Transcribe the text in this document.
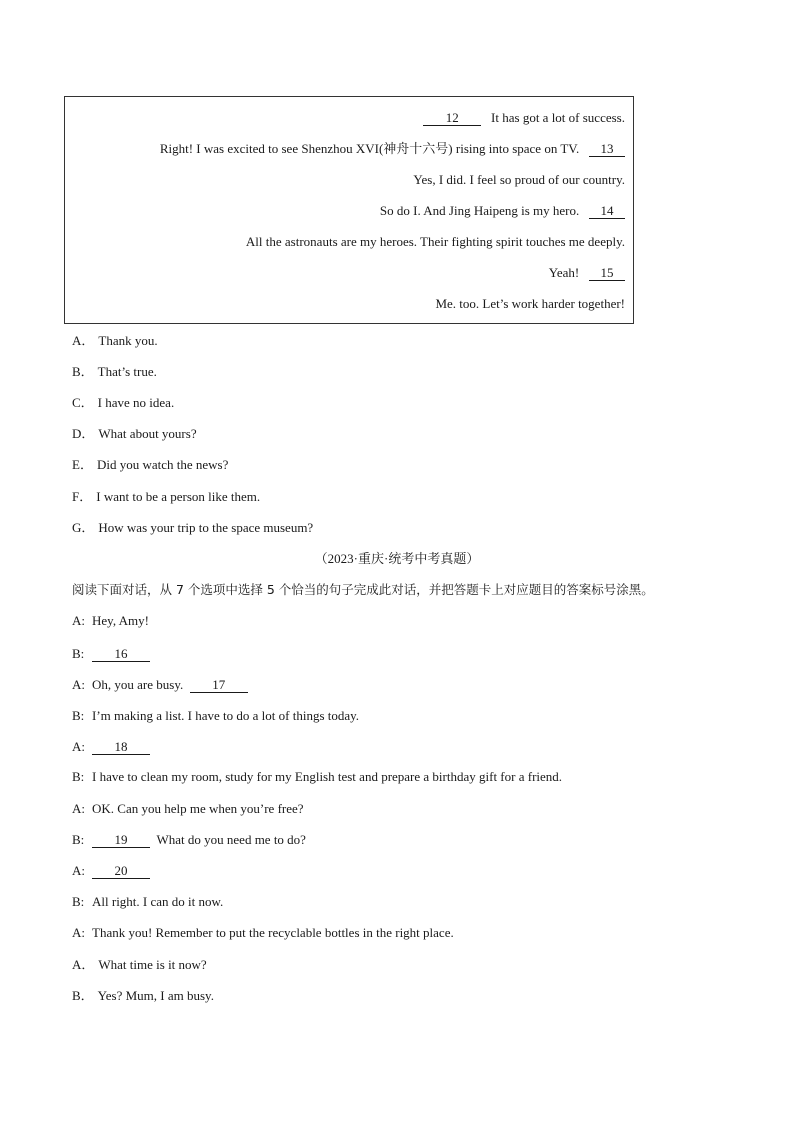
12 It has got a lot of success.
Right! I was excited to see Shenzhou XVI(神舟十六号) rising into space on TV. 13
Yes, I did. I feel so proud of our country.
So do I. And Jing Haipeng is my hero. 14
All the astronauts are my heroes. Their fighting spirit touches me deeply.
Yeah! 15
Me. too. Let’s work harder together!
A． Thank you.
B． That’s true.
C． I have no idea.
D． What about yours?
E． Did you watch the news?
F． I want to be a person like them.
G． How was your trip to the space museum?
（2023·重庆·统考中考真题）
阅读下面对话，从 7 个选项中选择 5 个恰当的句子完成此对话，并把答题卡上对应题目的答案标号涂黑。
A: Hey, Amy!
B: 16
A: Oh, you are busy. 17
B: I’m making a list. I have to do a lot of things today.
A: 18
B: I have to clean my room, study for my English test and prepare a birthday gift for a friend.
A: OK. Can you help me when you’re free?
B: 19 What do you need me to do?
A: 20
B: All right. I can do it now.
A: Thank you! Remember to put the recyclable bottles in the right place.
A． What time is it now?
B． Yes? Mum, I am busy.
